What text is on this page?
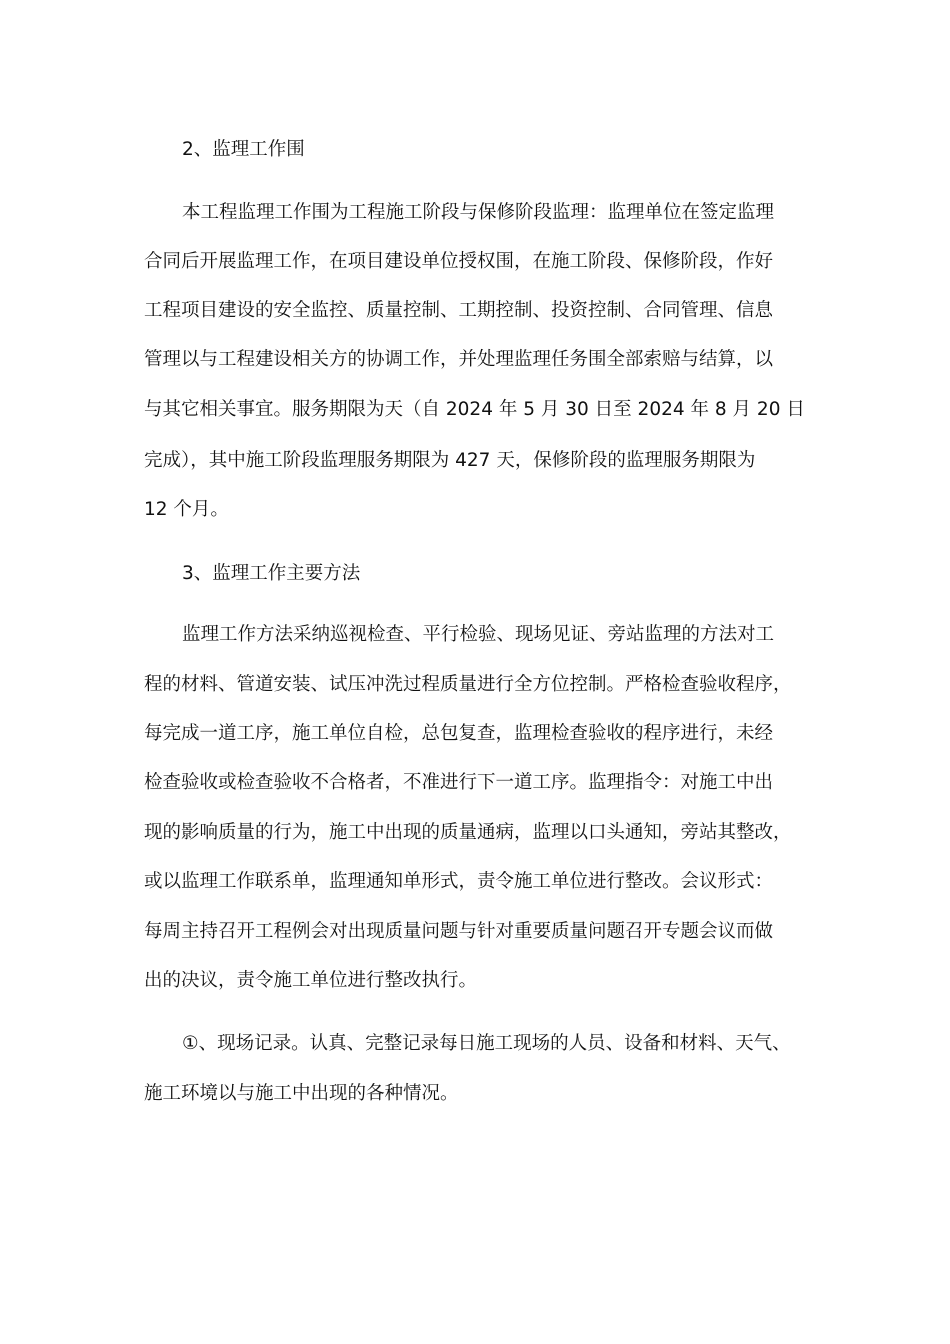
2、监理工作围
本工程监理工作围为工程施工阶段与保修阶段监理：监理单位在签定监理
合同后开展监理工作，在项目建设单位授权围，在施工阶段、保修阶段，作好
工程项目建设的安全监控、质量控制、工期控制、投资控制、合同管理、信息
管理以与工程建设相关方的协调工作，并处理监理任务围全部索赔与结算，以
与其它相关事宜。服务期限为天（自 2024 年 5 月 30 日至 2024 年 8 月 20 日
完成），其中施工阶段监理服务期限为 427 天，保修阶段的监理服务期限为
12 个月。
3、监理工作主要方法
监理工作方法采纳巡视检查、平行检验、现场见证、旁站监理的方法对工
程的材料、管道安装、试压冲洗过程质量进行全方位控制。严格检查验收程序，
每完成一道工序，施工单位自检，总包复查，监理检查验收的程序进行，未经
检查验收或检查验收不合格者，不准进行下一道工序。监理指令：对施工中出
现的影响质量的行为，施工中出现的质量通病，监理以口头通知，旁站其整改，
或以监理工作联系单，监理通知单形式，责令施工单位进行整改。会议形式：
每周主持召开工程例会对出现质量问题与针对重要质量问题召开专题会议而做
出的决议，责令施工单位进行整改执行。
①、现场记录。认真、完整记录每日施工现场的人员、设备和材料、天气、
施工环境以与施工中出现的各种情况。
